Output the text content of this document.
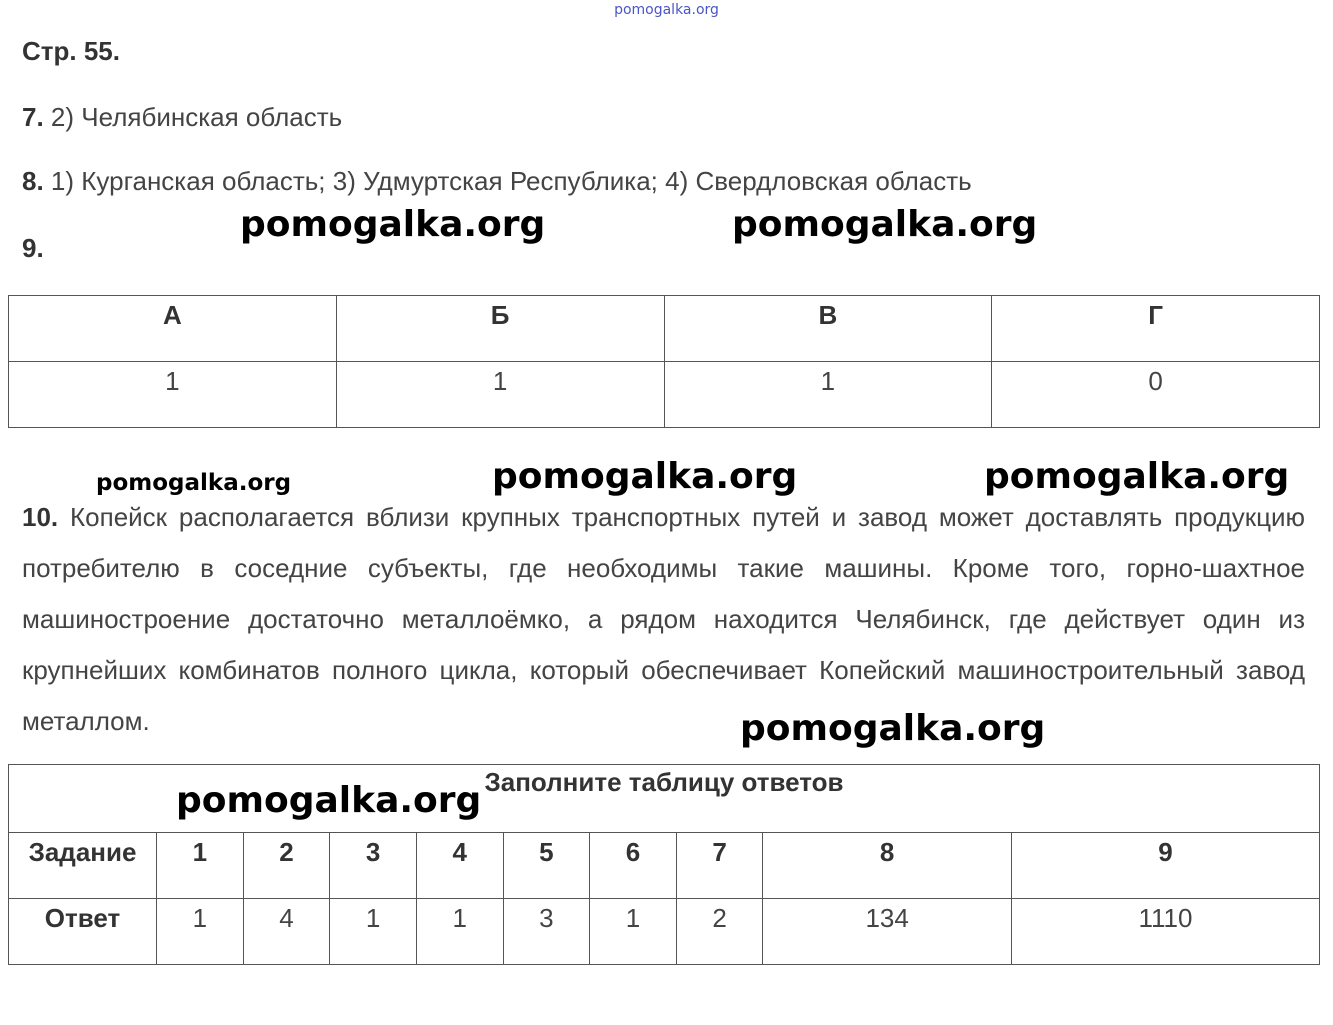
pomogalka.org
Стр. 55.
7. 2) Челябинская область
8. 1) Курганская область; 3) Удмуртская Республика; 4) Свердловская область
9.
А	Б	В	Г
1	1	1	0
10. Копейск располагается вблизи крупных транспортных путей и завод может доставлять продукцию потребителю в соседние субъекты, где необходимы такие машины. Кроме того, горно-шахтное машиностроение достаточно металлоёмко, а рядом находится Челябинск, где действует один из крупнейших комбинатов полного цикла, который обеспечивает Копейский машиностроительный завод металлом.
Заполните таблицу ответов									
Задание	1	2	3	4	5	6	7	8	9
Ответ	1	4	1	1	3	1	2	134	1110
pomogalka.org	pomogalka.org
pomogalka.org	pomogalka.org	pomogalka.org
pomogalka.org
pomogalka.org
